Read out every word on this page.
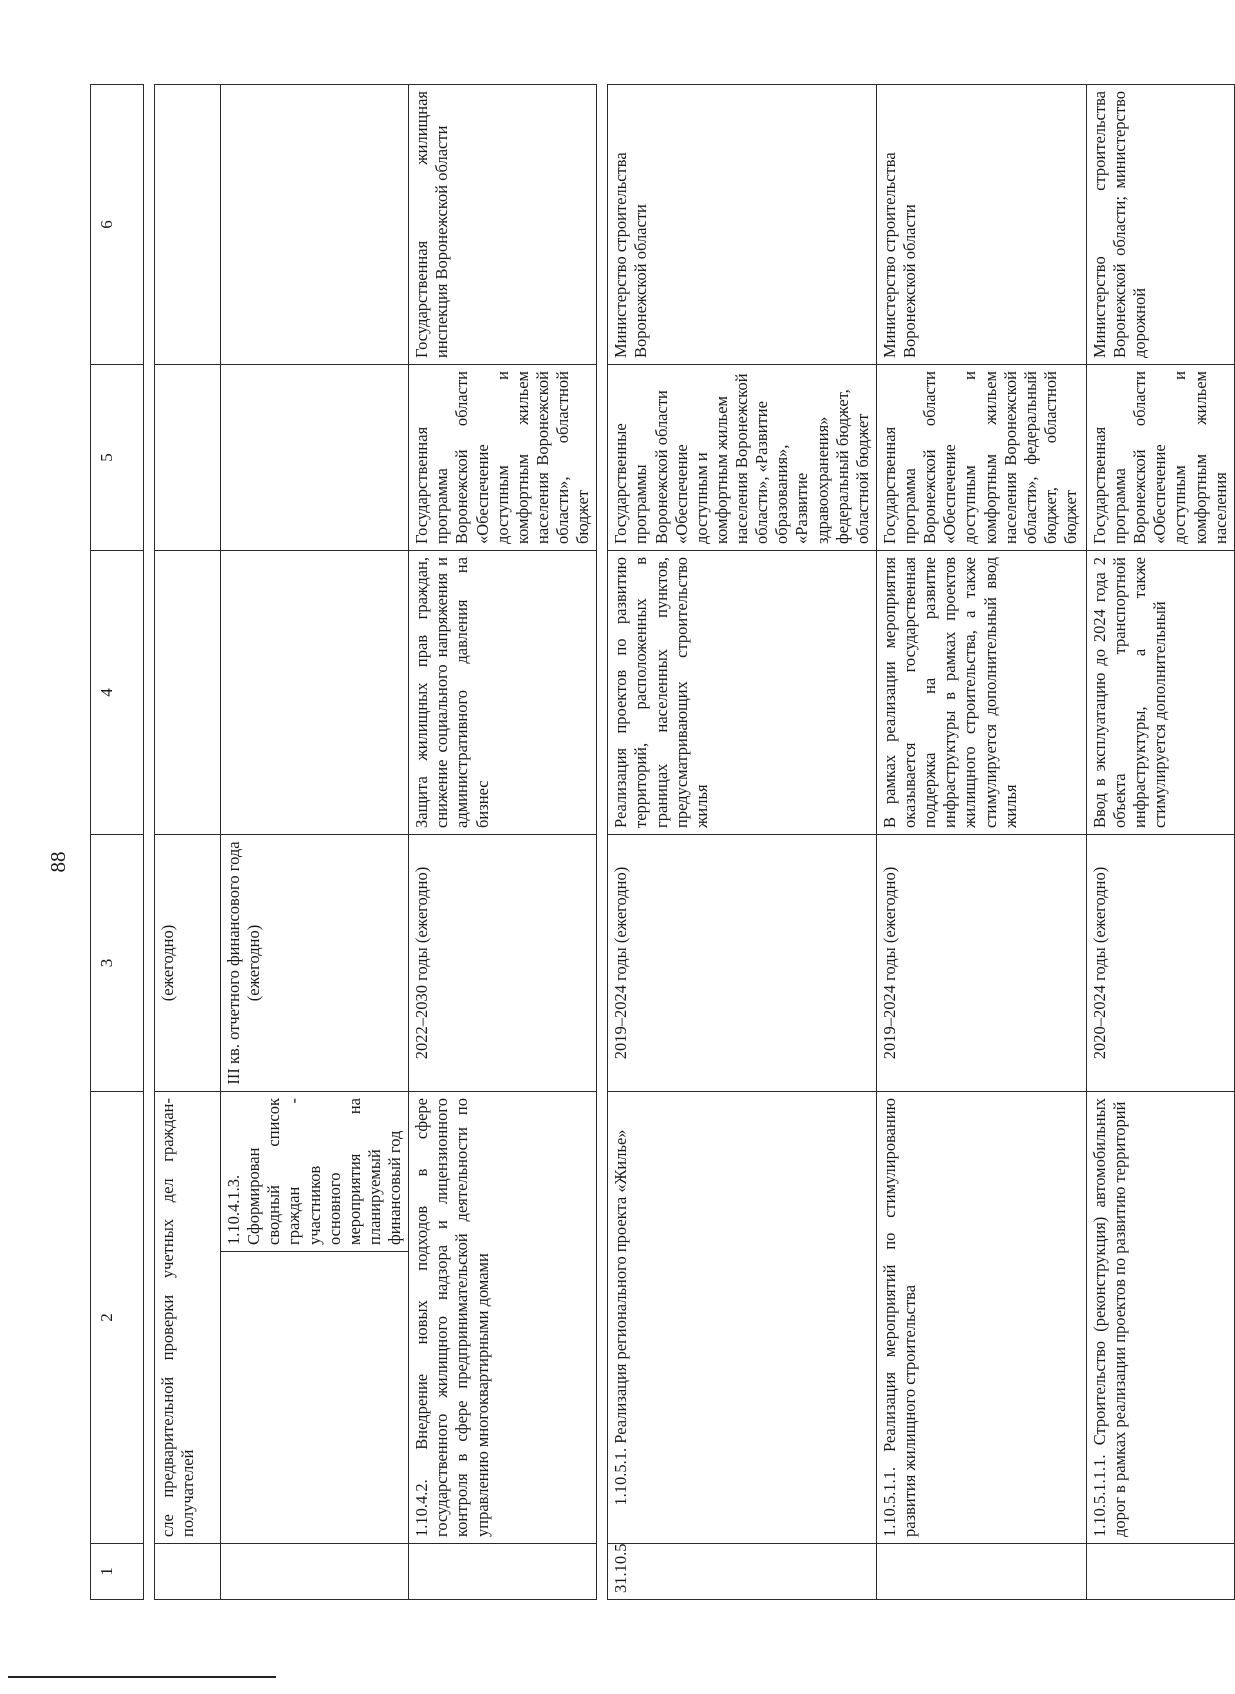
88
1	2		3	4	5	6

	сле предварительной проверки учетных дел граждан-получателей		(ежегодно)			
		1.10.4.1.3. Сформирован сводный список граждан - участников основного мероприятия на планируемый финансовый год	III кв. отчетного финансового года (ежегодно)			
	1.10.4.2. Внедрение новых подходов в сфере государственного жилищного надзора и лицензионного контроля в сфере предпринимательской деятельности по управлению многоквартирными домами		2022–2030 годы (ежегодно)	Защита жилищных прав граждан, снижение социального напряжения и административного давления на бизнес	Государственная программа Воронежской области «Обеспечение доступным и комфортным жильем населения Воронежской области», областной бюджет	Государственная жилищная инспекция Воронежской области

31.10.5	1.10.5.1. Реализация регионального проекта «Жилье»		2019–2024 годы (ежегодно)	Реализация проектов по развитию территорий, расположенных в границах населенных пунктов, предусматривающих строительство жилья	Государственные программы Воронежской области «Обеспечение доступным и комфортным жильем населения Воронежской области», «Развитие образования», «Развитие здравоохранения» федеральный бюджет, областной бюджет	Министерство строительства Воронежской области
	1.10.5.1.1. Реализация мероприятий по стимулированию развития жилищного строительства		2019–2024 годы (ежегодно)	В рамках реализации мероприятия оказывается государственная поддержка на развитие инфраструктуры в рамках проектов жилищного строительства, а также стимулируется дополнительный ввод жилья	Государственная программа Воронежской области «Обеспечение доступным и комфортным жильем населения Воронежской области», федеральный бюджет, областной бюджет	Министерство строительства Воронежской области
	1.10.5.1.1.1. Строительство (реконструкция) автомобильных дорог в рамках реализации проектов по развитию территорий		2020–2024 годы (ежегодно)	Ввод в эксплуатацию до 2024 года 2 объекта транспортной инфраструктуры, а также стимулируется дополнительный	Государственная программа Воронежской области «Обеспечение доступным и комфортным жильем населения	Министерство строительства Воронежской области; министерство дорожной
